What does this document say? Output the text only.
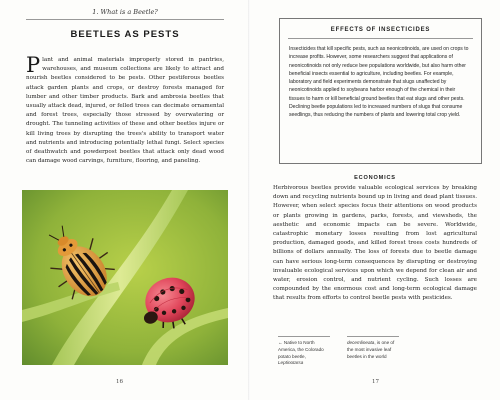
1. What is a Beetle?
BEETLES AS PESTS

Plant and animal materials improperly stored in pantries, warehouses, and museum collections are likely to attract and nourish beetles considered to be pests. Other pestiferous beetles attack garden plants and crops, or destroy forests managed for lumber and other timber products. Bark and ambrosia beetles that usually attack dead, injured, or felled trees can decimate ornamental and forest trees, especially those stressed by overwatering or drought. The tunneling activities of these and other beetles injure or kill living trees by disrupting the trees's ability to transport water and nutrients and introducing potentially lethal fungi. Select species of deathwatch and powderpost beetles that attack only dead wood can damage wood carvings, furniture, flooring, and paneling.

16
EFFECTS OF INSECTICIDES

Insecticides that kill specific pests, such as neonicotinoids, are used on crops to increase profits. However, some researchers suggest that applications of neonicotinoids not only reduce bee populations worldwide, but also harm other beneficial insects essential to agriculture, including beetles. For example, laboratory and field experiments demonstrate that slugs unaffected by neonicotinoids applied to soybeans harbor enough of the chemical in their tissues to harm or kill beneficial ground beetles that eat slugs and other pests. Declining beetle populations led to increased numbers of slugs that consume seedlings, thus reducing the numbers of plants and lowering total crop yield.

ECONOMICS

Herbivorous beetles provide valuable ecological services by breaking down and recycling nutrients bound up in living and dead plant tissues. However, when select species focus their attentions on wood products or plants growing in gardens, parks, forests, and viewsheds, the aesthetic and economic impacts can be severe. Worldwide, catastrophic monetary losses resulting from lost agricultural production, damaged goods, and killed forest trees costs hundreds of billions of dollars annually. The loss of forests due to beetle damage can have serious long-term consequences by disrupting or destroying invaluable ecological services upon which we depend for clean air and water, erosion control, and nutrient cycling. Such losses are compounded by the enormous cost and long-term ecological damage that results from efforts to control beetle pests with pesticides.

← Native to North America, the Colorado potato beetle, Leptinotarsa
decemlineata, is one of the most invasive leaf beetles in the world
17
